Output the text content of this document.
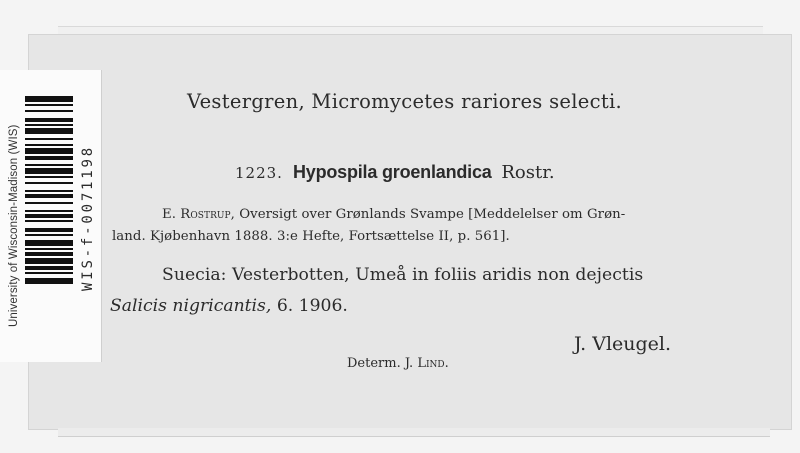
University of Wisconsin-Madison (WIS)	WIS-f-0071198
Vestergren, Micromycetes rariores selecti.
1223. Hypospila groenlandica Rostr.
E. Rostrup, Oversigt over Grønlands Svampe [Meddelelser om Grøn-
land. Kjøbenhavn 1888. 3:e Hefte, Fortsættelse II, p. 561].
Suecia: Vesterbotten, Umeå in foliis aridis non dejectis
Salicis nigricantis, 6. 1906.
J. Vleugel.
Determ. J. Lind.
